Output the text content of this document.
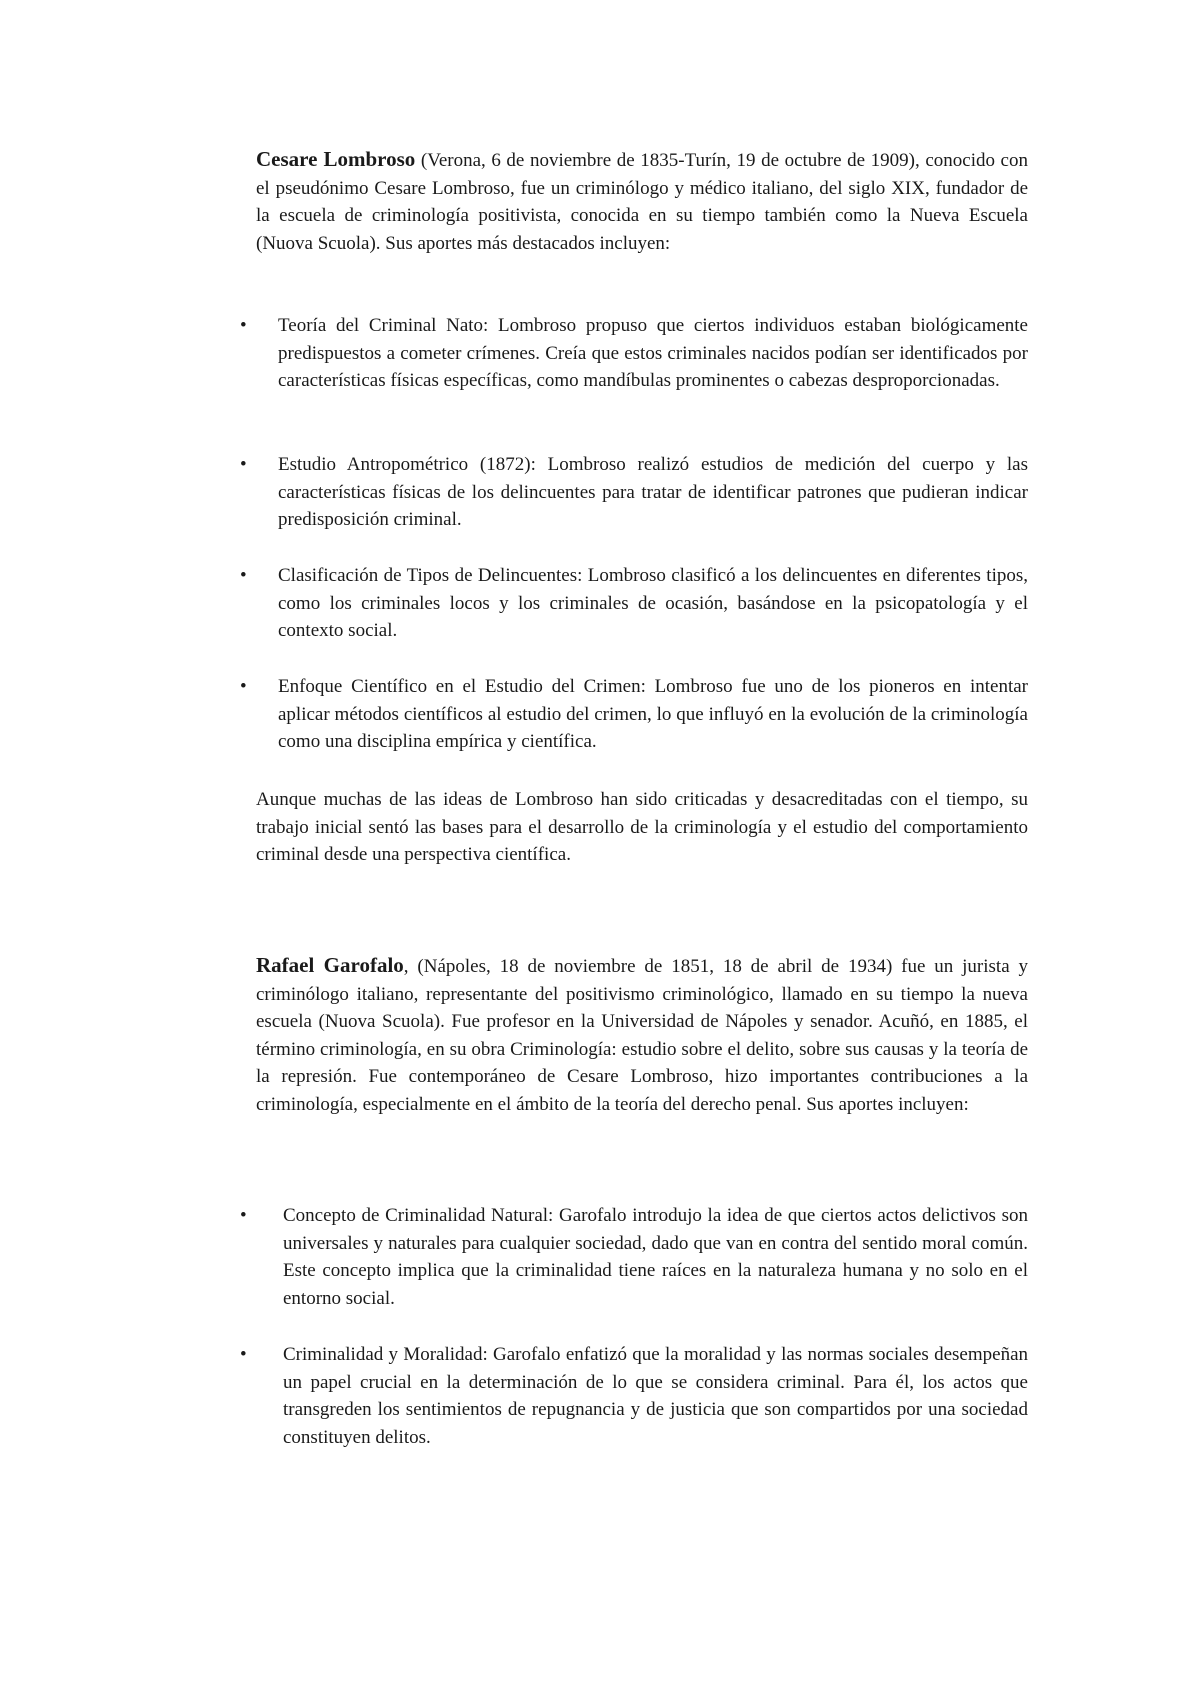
Cesare Lombroso (Verona, 6 de noviembre de 1835-Turín, 19 de octubre de 1909), conocido con el pseudónimo Cesare Lombroso, fue un criminólogo y médico italiano, del siglo XIX, fundador de la escuela de criminología positivista, conocida en su tiempo también como la Nueva Escuela (Nuova Scuola). Sus aportes más destacados incluyen:

•	Teoría del Criminal Nato: Lombroso propuso que ciertos individuos estaban biológicamente predispuestos a cometer crímenes. Creía que estos criminales nacidos podían ser identificados por características físicas específicas, como mandíbulas prominentes o cabezas desproporcionadas.

•	Estudio Antropométrico (1872): Lombroso realizó estudios de medición del cuerpo y las características físicas de los delincuentes para tratar de identificar patrones que pudieran indicar predisposición criminal.

•	Clasificación de Tipos de Delincuentes: Lombroso clasificó a los delincuentes en diferentes tipos, como los criminales locos y los criminales de ocasión, basándose en la psicopatología y el contexto social.

•	Enfoque Científico en el Estudio del Crimen: Lombroso fue uno de los pioneros en intentar aplicar métodos científicos al estudio del crimen, lo que influyó en la evolución de la criminología como una disciplina empírica y científica.

Aunque muchas de las ideas de Lombroso han sido criticadas y desacreditadas con el tiempo, su trabajo inicial sentó las bases para el desarrollo de la criminología y el estudio del comportamiento criminal desde una perspectiva científica.

Rafael Garofalo, (Nápoles, 18 de noviembre de 1851, 18 de abril de 1934) fue un jurista y criminólogo italiano, representante del positivismo criminológico, llamado en su tiempo la nueva escuela (Nuova Scuola). Fue profesor en la Universidad de Nápoles y senador. Acuñó, en 1885, el término criminología, en su obra Criminología: estudio sobre el delito, sobre sus causas y la teoría de la represión. Fue contemporáneo de Cesare Lombroso, hizo importantes contribuciones a la criminología, especialmente en el ámbito de la teoría del derecho penal. Sus aportes incluyen:

•	Concepto de Criminalidad Natural: Garofalo introdujo la idea de que ciertos actos delictivos son universales y naturales para cualquier sociedad, dado que van en contra del sentido moral común. Este concepto implica que la criminalidad tiene raíces en la naturaleza humana y no solo en el entorno social.

•	Criminalidad y Moralidad: Garofalo enfatizó que la moralidad y las normas sociales desempeñan un papel crucial en la determinación de lo que se considera criminal. Para él, los actos que transgreden los sentimientos de repugnancia y de justicia que son compartidos por una sociedad constituyen delitos.
